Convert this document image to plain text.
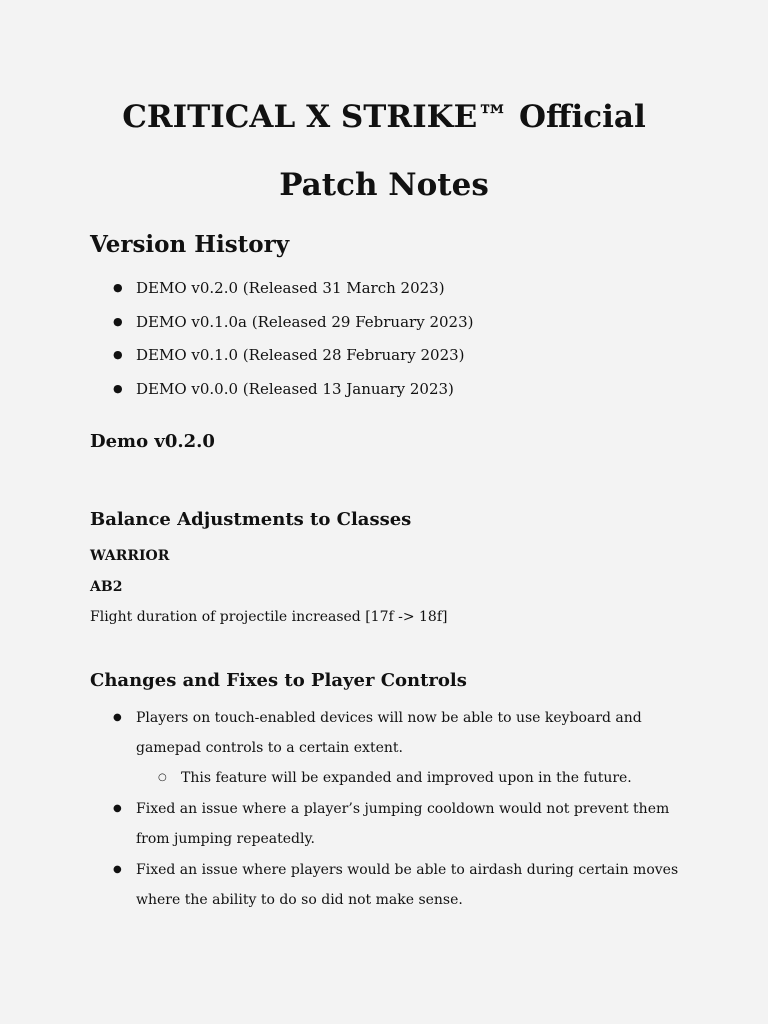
CRITICAL X STRIKE™ Official Patch Notes
Version History
● DEMO v0.2.0 (Released 31 March 2023)
● DEMO v0.1.0a (Released 29 February 2023)
● DEMO v0.1.0 (Released 28 February 2023)
● DEMO v0.0.0 (Released 13 January 2023)
Demo v0.2.0
Balance Adjustments to Classes
WARRIOR
AB2

Flight duration of projectile increased [17f -> 18f]

Changes and Fixes to Player Controls
● Players on touch-enabled devices will now be able to use keyboard and gamepad controls to a certain extent.
○ This feature will be expanded and improved upon in the future.
● Fixed an issue where a player’s jumping cooldown would not prevent them from jumping repeatedly.
● Fixed an issue where players would be able to airdash during certain moves where the ability to do so did not make sense.
